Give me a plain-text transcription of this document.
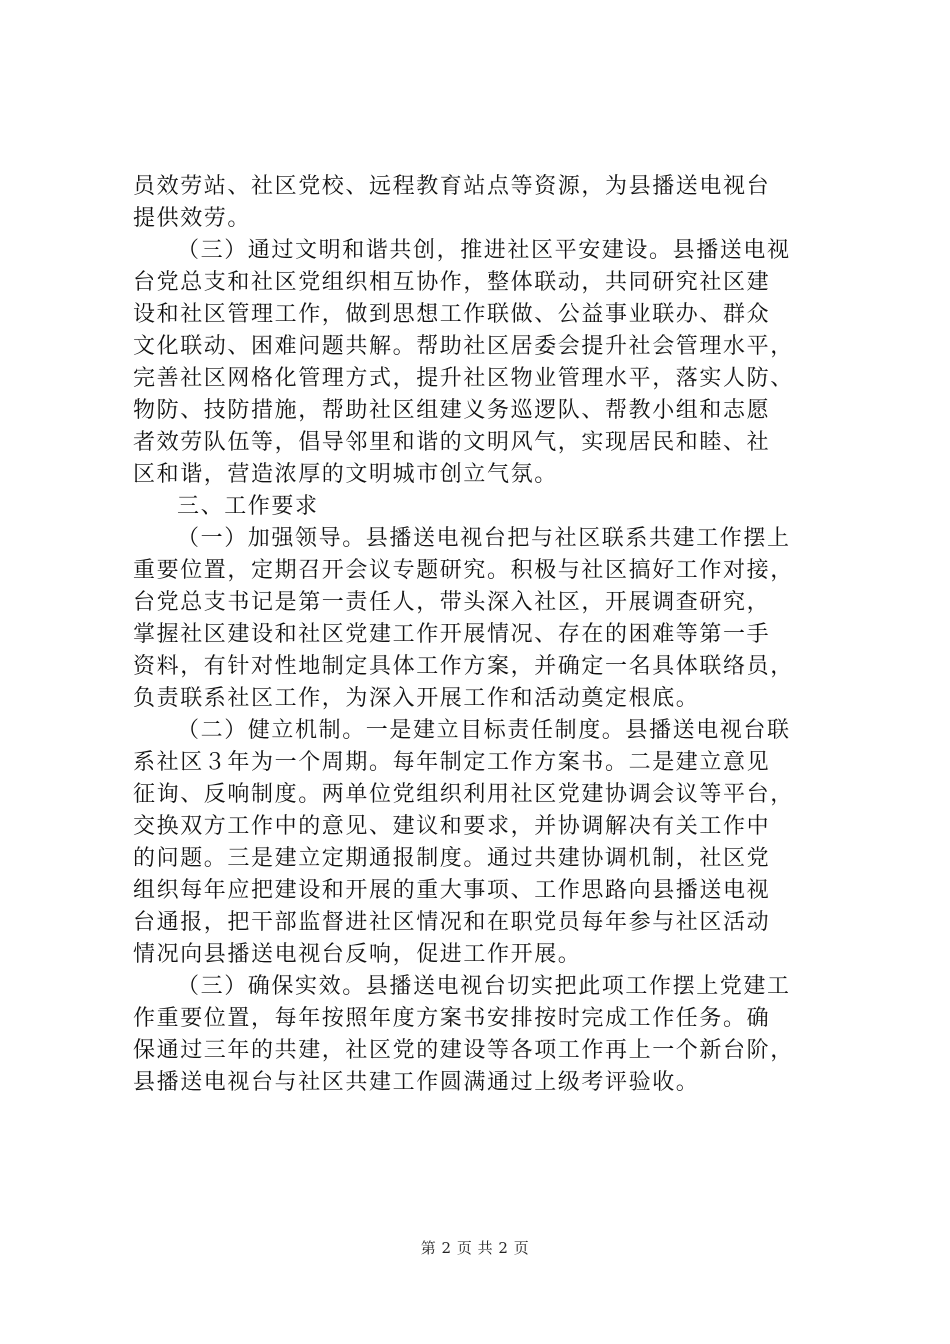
员效劳站、社区党校、远程教育站点等资源，为县播送电视台
提供效劳。
（三）通过文明和谐共创，推进社区平安建设。县播送电视
台党总支和社区党组织相互协作，整体联动，共同研究社区建
设和社区管理工作，做到思想工作联做、公益事业联办、群众
文化联动、困难问题共解。帮助社区居委会提升社会管理水平，
完善社区网格化管理方式，提升社区物业管理水平，落实人防、
物防、技防措施，帮助社区组建义务巡逻队、帮教小组和志愿
者效劳队伍等，倡导邻里和谐的文明风气，实现居民和睦、社
区和谐，营造浓厚的文明城市创立气氛。
三、工作要求
（一）加强领导。县播送电视台把与社区联系共建工作摆上
重要位置，定期召开会议专题研究。积极与社区搞好工作对接，
台党总支书记是第一责任人，带头深入社区，开展调查研究，
掌握社区建设和社区党建工作开展情况、存在的困难等第一手
资料，有针对性地制定具体工作方案，并确定一名具体联络员，
负责联系社区工作，为深入开展工作和活动奠定根底。
（二）健立机制。一是建立目标责任制度。县播送电视台联
系社区３年为一个周期。每年制定工作方案书。二是建立意见
征询、反响制度。两单位党组织利用社区党建协调会议等平台，
交换双方工作中的意见、建议和要求，并协调解决有关工作中
的问题。三是建立定期通报制度。通过共建协调机制，社区党
组织每年应把建设和开展的重大事项、工作思路向县播送电视
台通报，把干部监督进社区情况和在职党员每年参与社区活动
情况向县播送电视台反响，促进工作开展。
（三）确保实效。县播送电视台切实把此项工作摆上党建工
作重要位置，每年按照年度方案书安排按时完成工作任务。确
保通过三年的共建，社区党的建设等各项工作再上一个新台阶，
县播送电视台与社区共建工作圆满通过上级考评验收。
第 2 页 共 2 页
